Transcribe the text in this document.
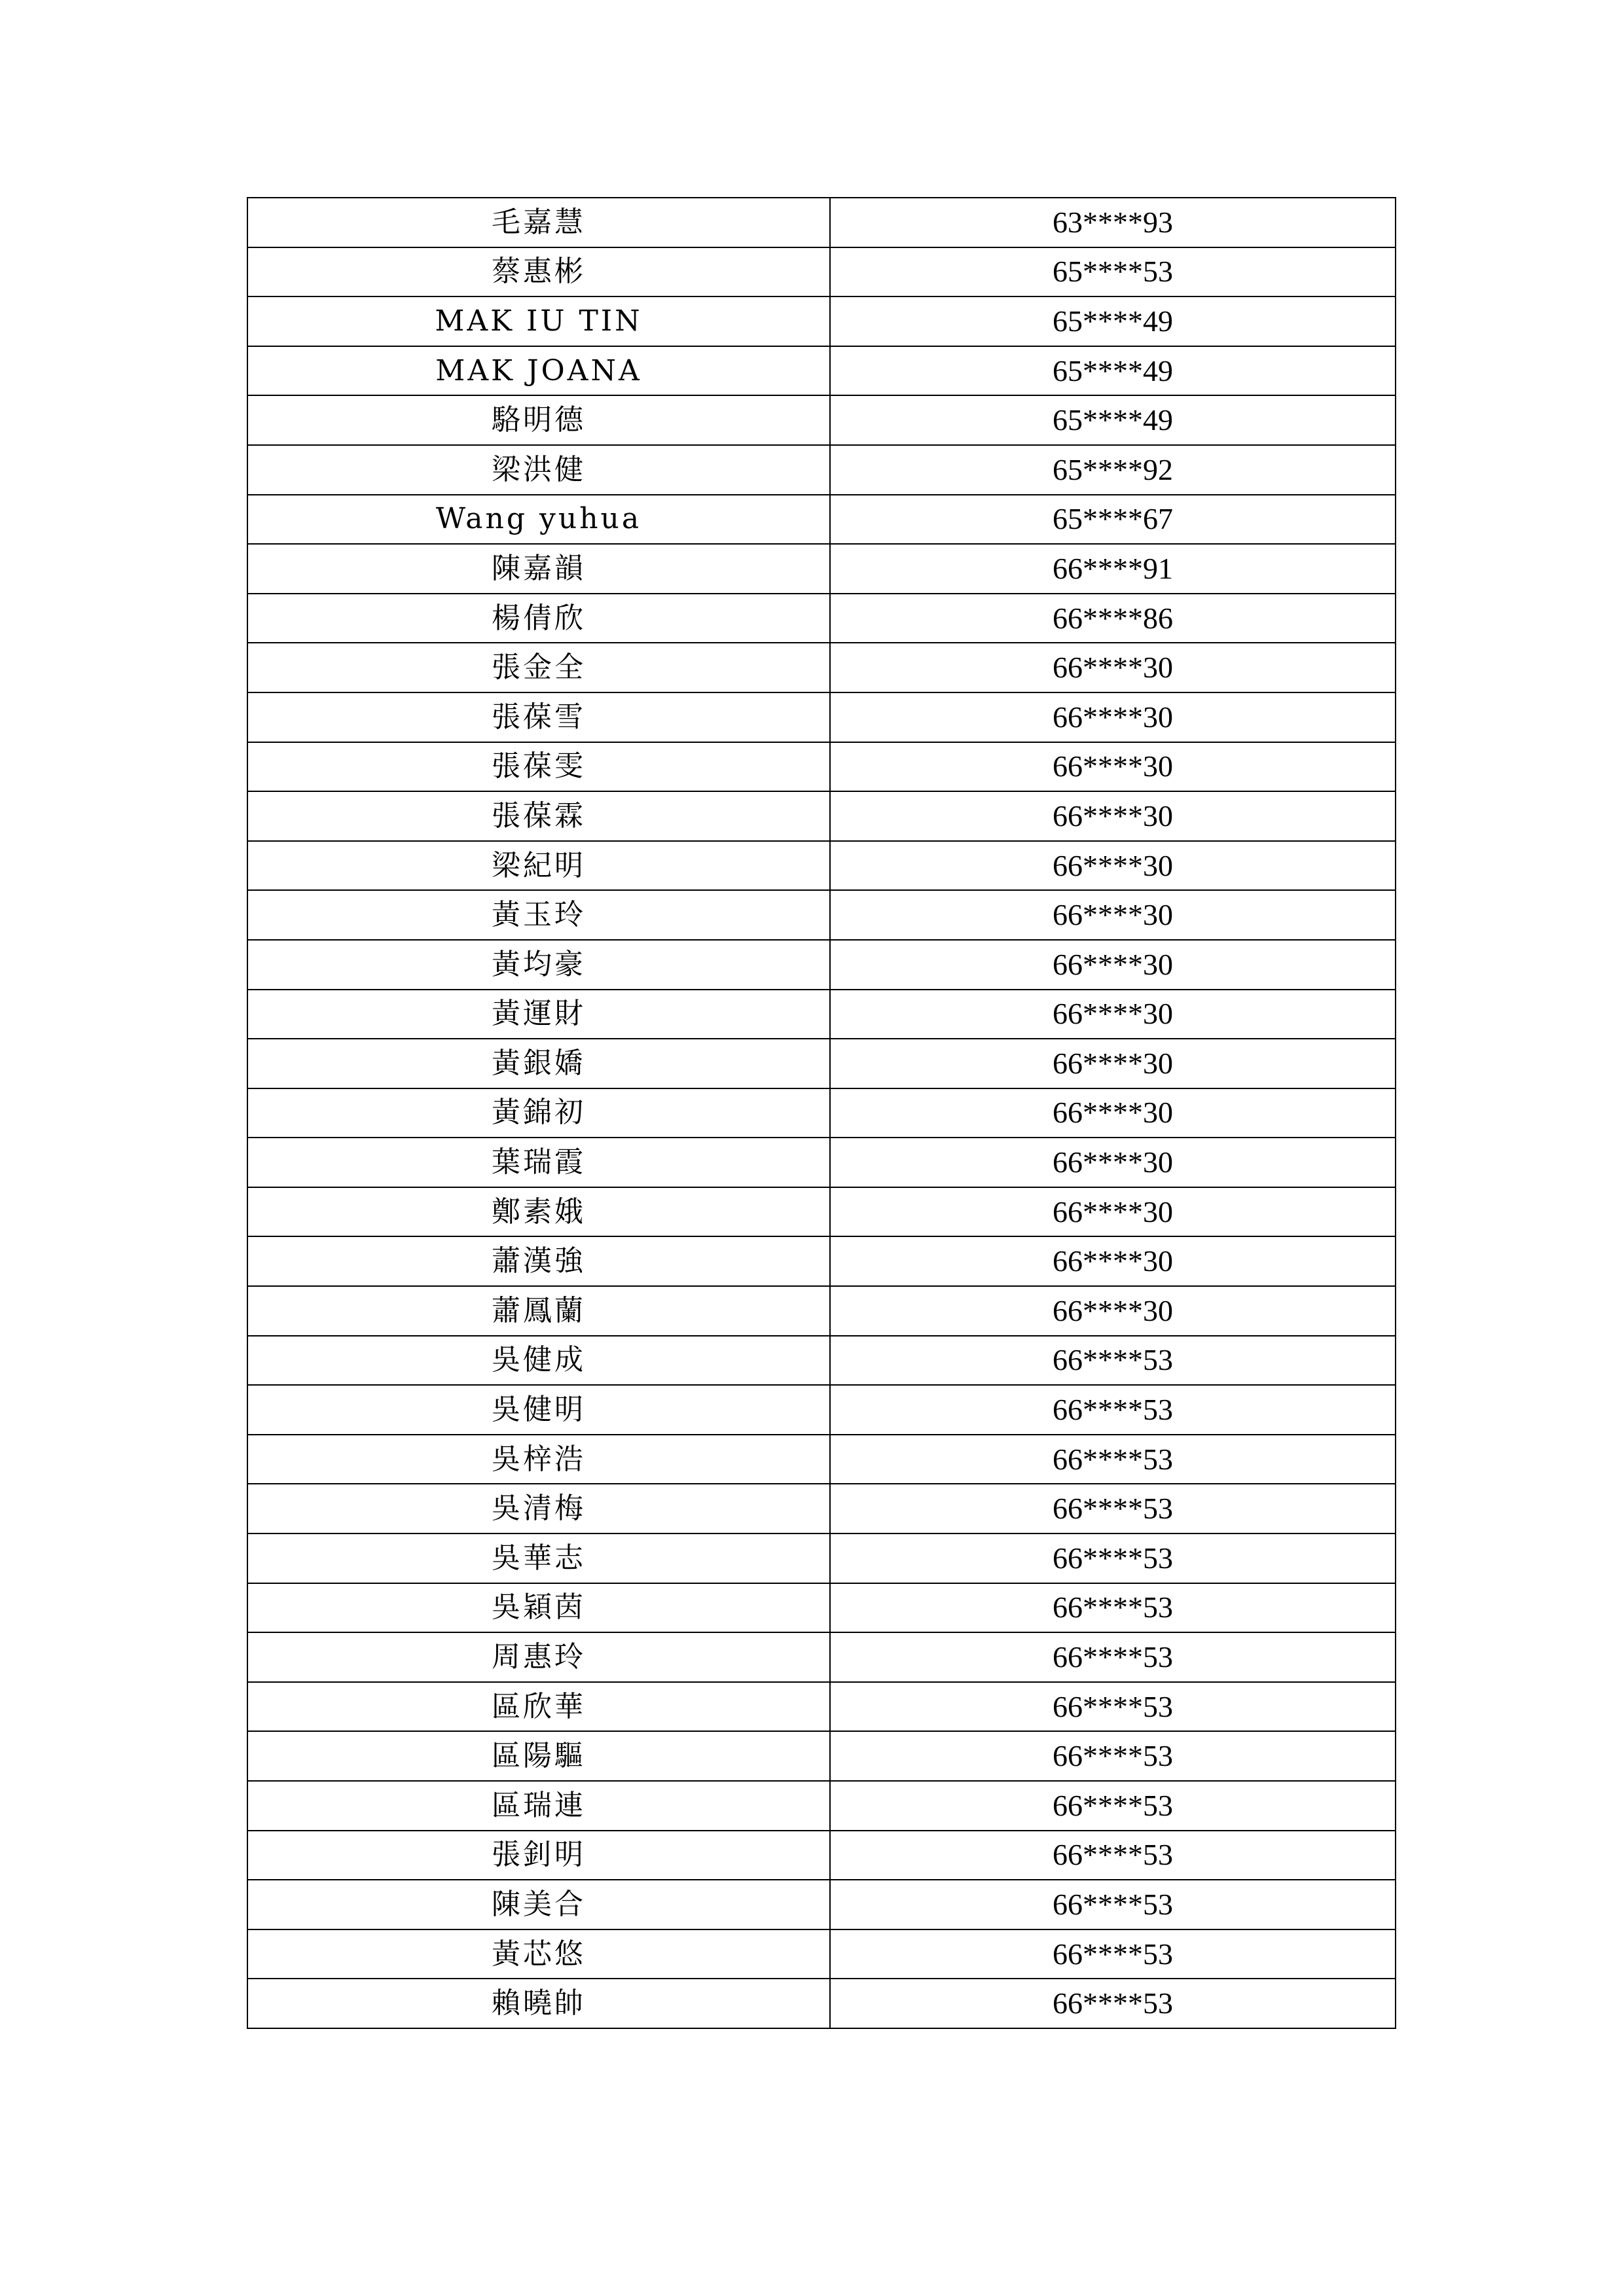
毛嘉慧	63****93
蔡惠彬	65****53
MAK IU TIN	65****49
MAK JOANA	65****49
駱明德	65****49
梁洪健	65****92
Wang yuhua	65****67
陳嘉韻	66****91
楊倩欣	66****86
張金全	66****30
張葆雪	66****30
張葆雯	66****30
張葆霖	66****30
梁紀明	66****30
黃玉玲	66****30
黃均豪	66****30
黃運財	66****30
黃銀嬌	66****30
黃錦初	66****30
葉瑞霞	66****30
鄭素娥	66****30
蕭漢強	66****30
蕭鳳蘭	66****30
吳健成	66****53
吳健明	66****53
吳梓浩	66****53
吳清梅	66****53
吳華志	66****53
吳穎茵	66****53
周惠玲	66****53
區欣華	66****53
區陽驅	66****53
區瑞連	66****53
張釗明	66****53
陳美合	66****53
黃芯悠	66****53
賴曉帥	66****53
